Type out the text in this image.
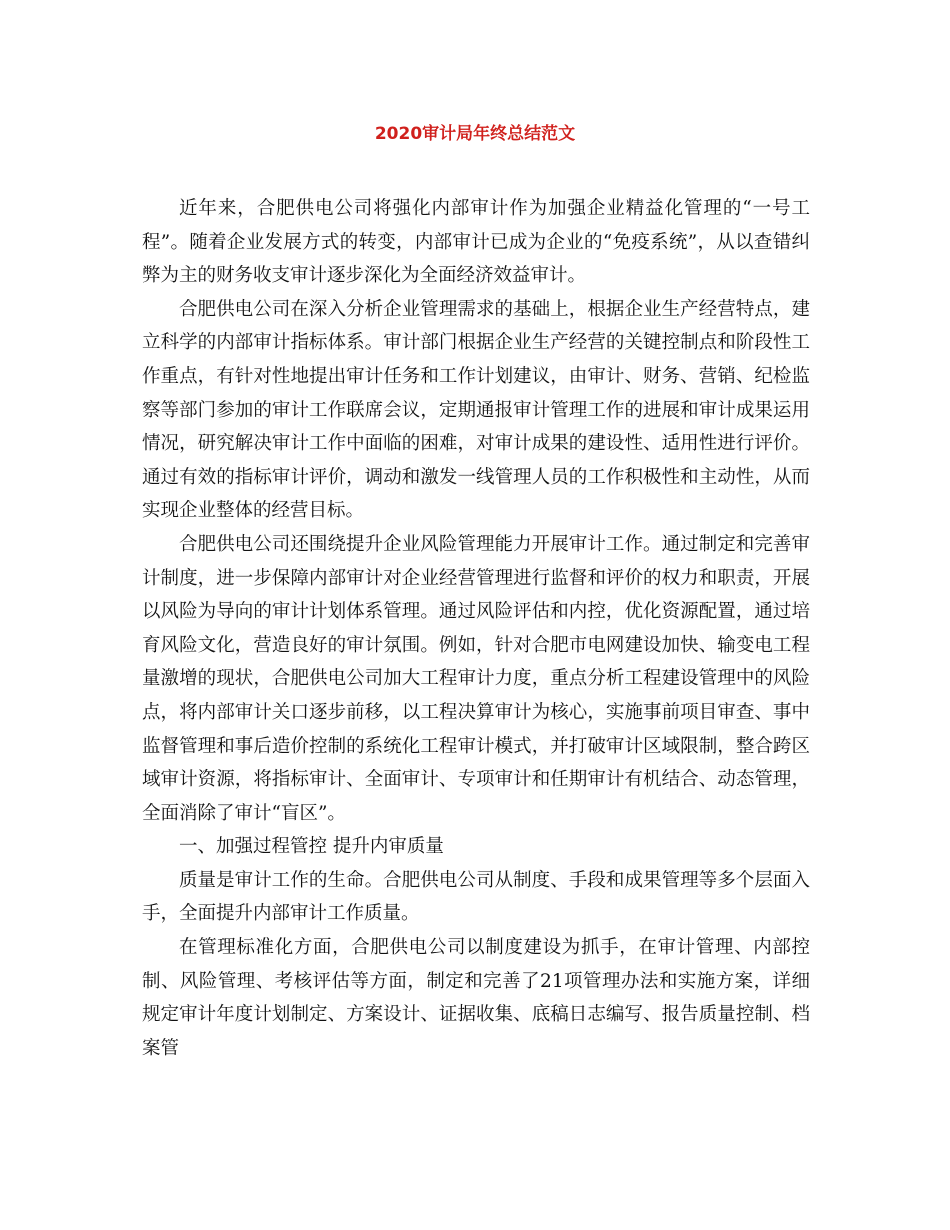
2020审计局年终总结范文

近年来，合肥供电公司将强化内部审计作为加强企业精益化管理的“一号工程”。随着企业发展方式的转变，内部审计已成为企业的“免疫系统”，从以查错纠弊为主的财务收支审计逐步深化为全面经济效益审计。

合肥供电公司在深入分析企业管理需求的基础上，根据企业生产经营特点，建立科学的内部审计指标体系。审计部门根据企业生产经营的关键控制点和阶段性工作重点，有针对性地提出审计任务和工作计划建议，由审计、财务、营销、纪检监察等部门参加的审计工作联席会议，定期通报审计管理工作的进展和审计成果运用情况，研究解决审计工作中面临的困难，对审计成果的建设性、适用性进行评价。通过有效的指标审计评价，调动和激发一线管理人员的工作积极性和主动性，从而实现企业整体的经营目标。

合肥供电公司还围绕提升企业风险管理能力开展审计工作。通过制定和完善审计制度，进一步保障内部审计对企业经营管理进行监督和评价的权力和职责，开展以风险为导向的审计计划体系管理。通过风险评估和内控，优化资源配置，通过培育风险文化，营造良好的审计氛围。例如，针对合肥市电网建设加快、输变电工程量激增的现状，合肥供电公司加大工程审计力度，重点分析工程建设管理中的风险点，将内部审计关口逐步前移，以工程决算审计为核心，实施事前项目审查、事中监督管理和事后造价控制的系统化工程审计模式，并打破审计区域限制，整合跨区域审计资源，将指标审计、全面审计、专项审计和任期审计有机结合、动态管理，全面消除了审计“盲区”。

一、加强过程管控 提升内审质量

质量是审计工作的生命。合肥供电公司从制度、手段和成果管理等多个层面入手，全面提升内部审计工作质量。

在管理标准化方面，合肥供电公司以制度建设为抓手，在审计管理、内部控制、风险管理、考核评估等方面，制定和完善了21项管理办法和实施方案，详细规定审计年度计划制定、方案设计、证据收集、底稿日志编写、报告质量控制、档案管
